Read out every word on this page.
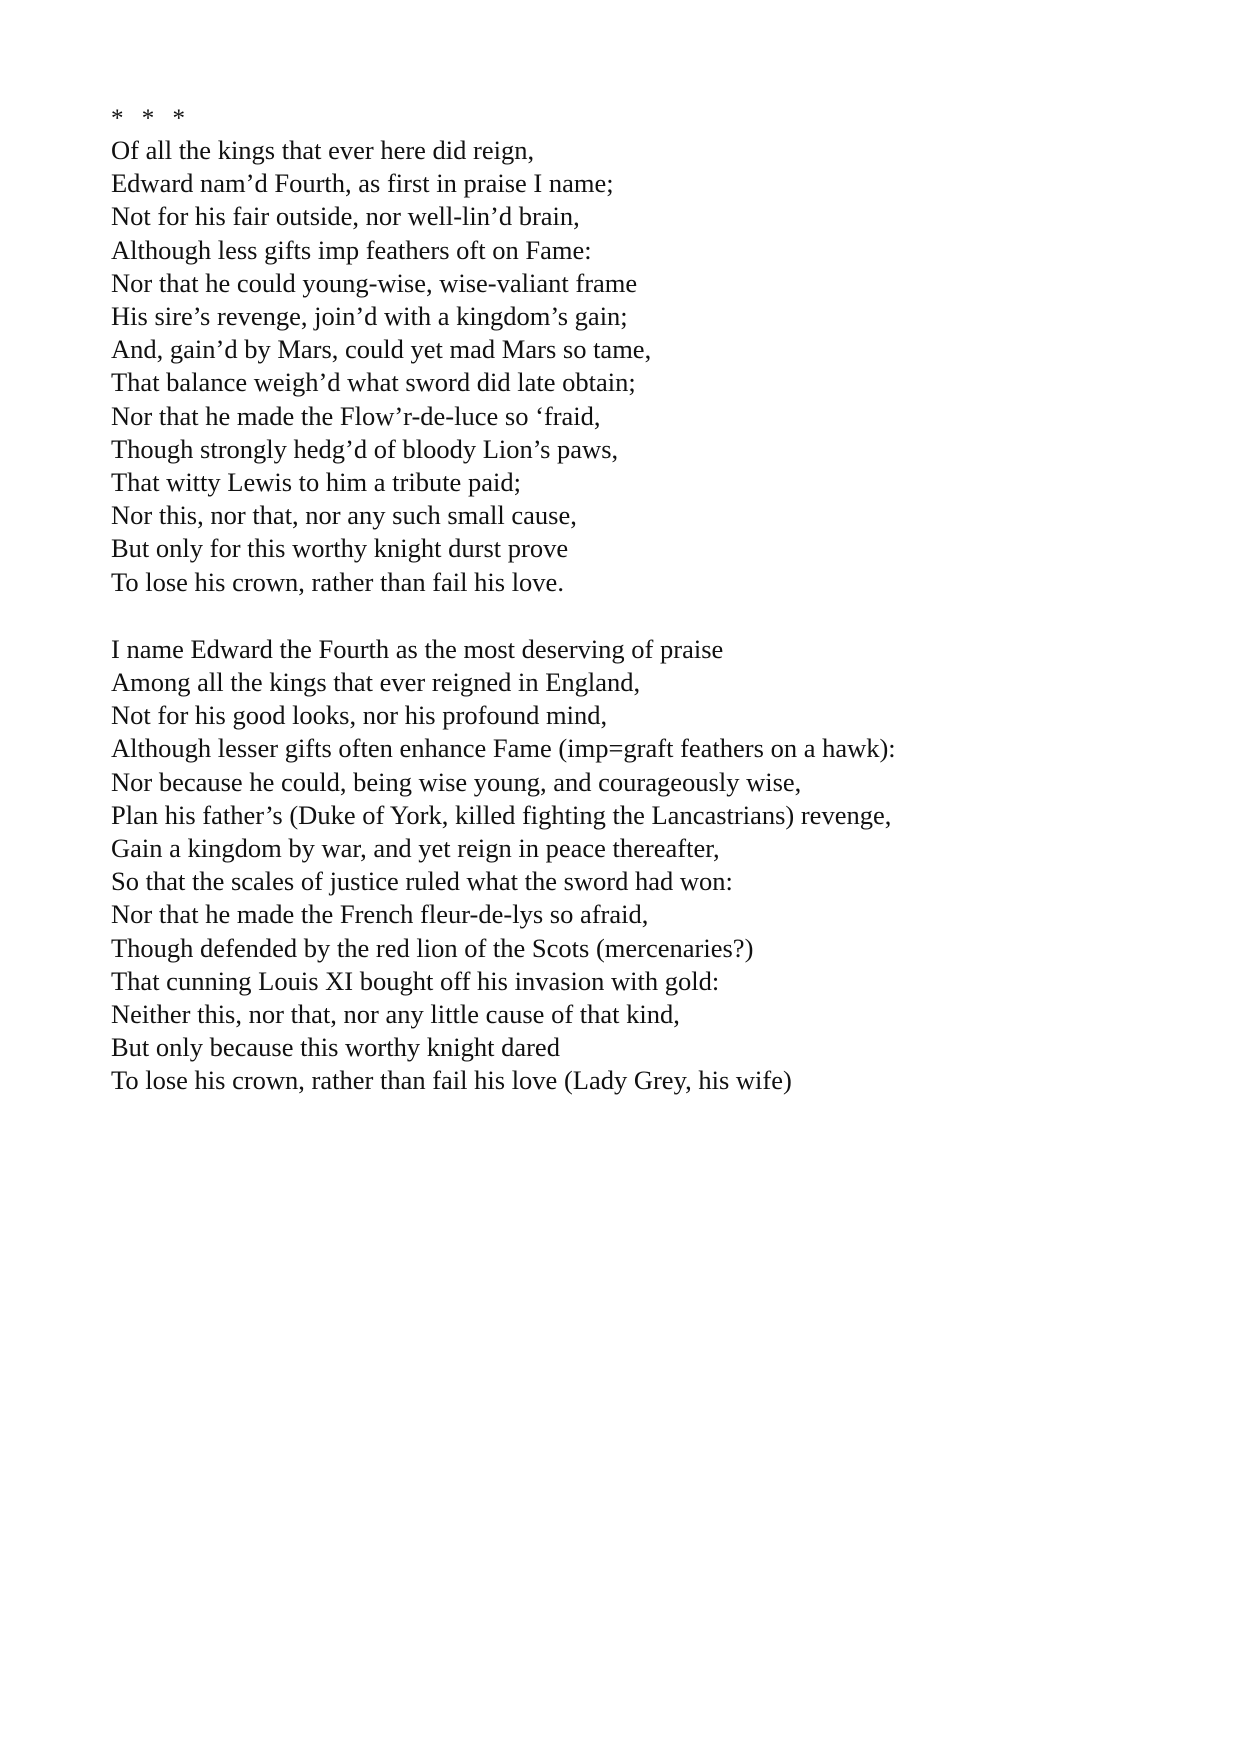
* * *
Of all the kings that ever here did reign,
Edward nam’d Fourth, as first in praise I name;
Not for his fair outside, nor well-lin’d brain,
Although less gifts imp feathers oft on Fame:
Nor that he could young-wise, wise-valiant frame
His sire’s revenge, join’d with a kingdom’s gain;
And, gain’d by Mars, could yet mad Mars so tame,
That balance weigh’d what sword did late obtain;
Nor that he made the Flow’r-de-luce so ‘fraid,
Though strongly hedg’d of bloody Lion’s paws,
That witty Lewis to him a tribute paid;
Nor this, nor that, nor any such small cause,
But only for this worthy knight durst prove
To lose his crown, rather than fail his love.
I name Edward the Fourth as the most deserving of praise
Among all the kings that ever reigned in England,
Not for his good looks, nor his profound mind,
Although lesser gifts often enhance Fame (imp=graft feathers on a hawk):
Nor because he could, being wise young, and courageously wise,
Plan his father’s (Duke of York, killed fighting the Lancastrians) revenge,
Gain a kingdom by war, and yet reign in peace thereafter,
So that the scales of justice ruled what the sword had won:
Nor that he made the French fleur-de-lys so afraid,
Though defended by the red lion of the Scots (mercenaries?)
That cunning Louis XI bought off his invasion with gold:
Neither this, nor that, nor any little cause of that kind,
But only because this worthy knight dared
To lose his crown, rather than fail his love (Lady Grey, his wife)
